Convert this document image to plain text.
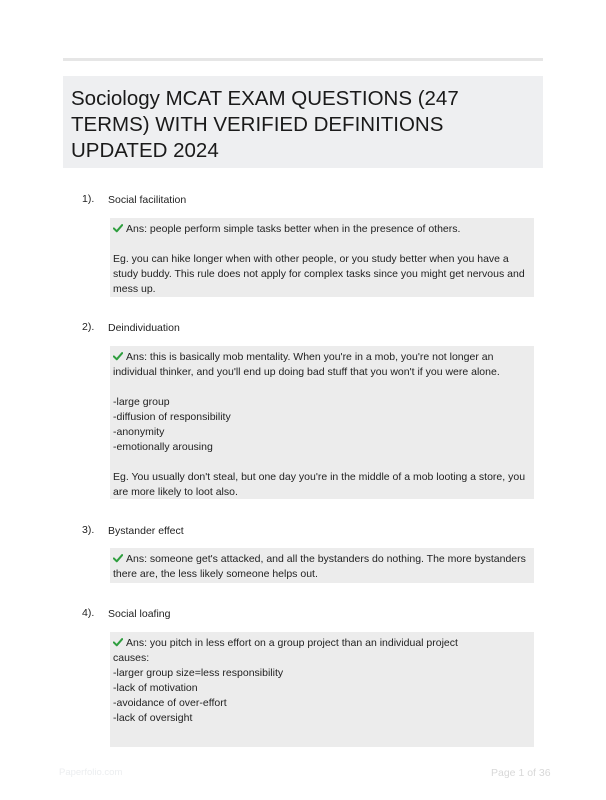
Sociology MCAT EXAM QUESTIONS (247 TERMS) WITH VERIFIED DEFINITIONS UPDATED 2024
1). Social facilitation

Ans: people perform simple tasks better when in the presence of others.

Eg. you can hike longer when with other people, or you study better when you have a

study buddy. This rule does not apply for complex tasks since you might get nervous and

mess up.

2). Deindividuation

Ans: this is basically mob mentality. When you're in a mob, you're not longer an

individual thinker, and you'll end up doing bad stuff that you won't if you were alone.

-large group

-diffusion of responsibility

-anonymity

-emotionally arousing

Eg. You usually don't steal, but one day you're in the middle of a mob looting a store, you

are more likely to loot also.

3). Bystander effect

Ans: someone get's attacked, and all the bystanders do nothing. The more bystanders

there are, the less likely someone helps out.

4). Social loafing

Ans: you pitch in less effort on a group project than an individual project

causes:

-larger group size=less responsibility

-lack of motivation

-avoidance of over-effort

-lack of oversight

Paperfolio.com	Page 1 of 36
